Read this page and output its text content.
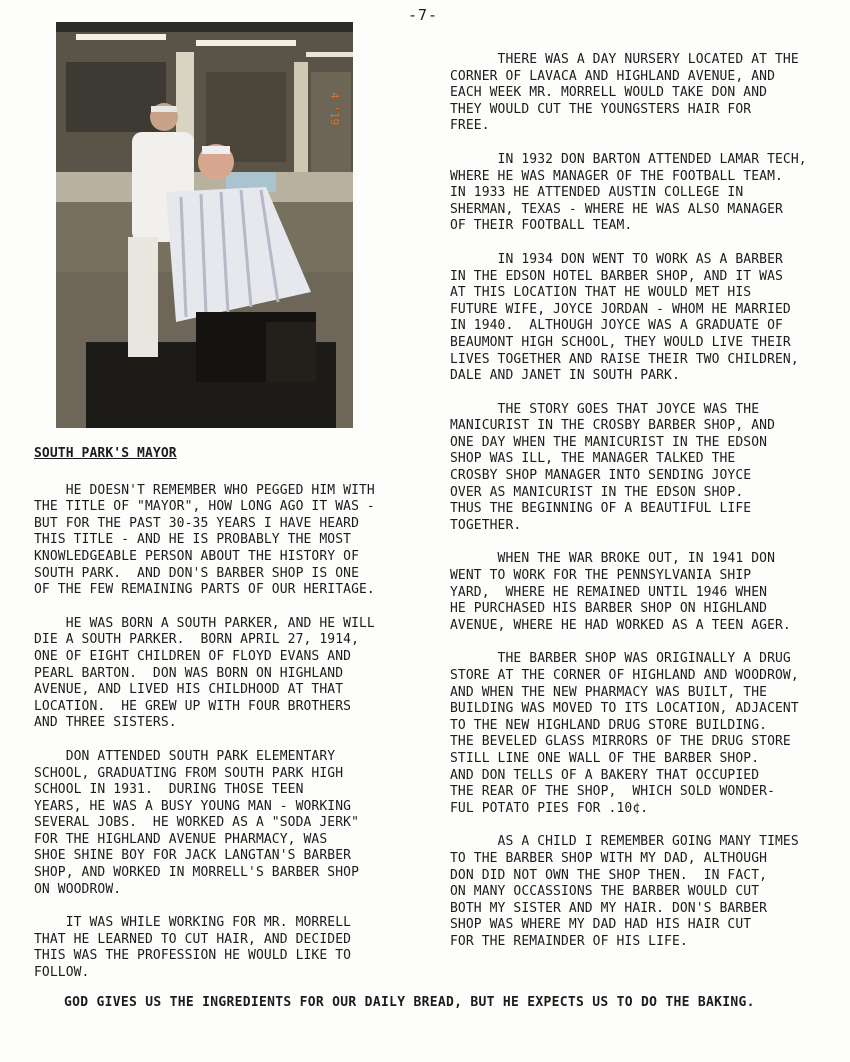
-7-
4 '19

SOUTH PARK'S MAYOR

HE DOESN'T REMEMBER WHO PEGGED HIM WITH

THE TITLE OF "MAYOR", HOW LONG AGO IT WAS -

BUT FOR THE PAST 30-35 YEARS I HAVE HEARD

THIS TITLE - AND HE IS PROBABLY THE MOST

KNOWLEDGEABLE PERSON ABOUT THE HISTORY OF

SOUTH PARK.  AND DON'S BARBER SHOP IS ONE

OF THE FEW REMAINING PARTS OF OUR HERITAGE.

HE WAS BORN A SOUTH PARKER, AND HE WILL

DIE A SOUTH PARKER.  BORN APRIL 27, 1914,

ONE OF EIGHT CHILDREN OF FLOYD EVANS AND

PEARL BARTON.  DON WAS BORN ON HIGHLAND

AVENUE, AND LIVED HIS CHILDHOOD AT THAT

LOCATION.  HE GREW UP WITH FOUR BROTHERS

AND THREE SISTERS.

DON ATTENDED SOUTH PARK ELEMENTARY

SCHOOL, GRADUATING FROM SOUTH PARK HIGH

SCHOOL IN 1931.  DURING THOSE TEEN

YEARS, HE WAS A BUSY YOUNG MAN - WORKING

SEVERAL JOBS.  HE WORKED AS A "SODA JERK"

FOR THE HIGHLAND AVENUE PHARMACY, WAS

SHOE SHINE BOY FOR JACK LANGTAN'S BARBER

SHOP, AND WORKED IN MORRELL'S BARBER SHOP

ON WOODROW.

IT WAS WHILE WORKING FOR MR. MORRELL

THAT HE LEARNED TO CUT HAIR, AND DECIDED

THIS WAS THE PROFESSION HE WOULD LIKE TO

FOLLOW.

THERE WAS A DAY NURSERY LOCATED AT THE

CORNER OF LAVACA AND HIGHLAND AVENUE, AND

EACH WEEK MR. MORRELL WOULD TAKE DON AND

THEY WOULD CUT THE YOUNGSTERS HAIR FOR

FREE.

IN 1932 DON BARTON ATTENDED LAMAR TECH,

WHERE HE WAS MANAGER OF THE FOOTBALL TEAM.

IN 1933 HE ATTENDED AUSTIN COLLEGE IN

SHERMAN, TEXAS - WHERE HE WAS ALSO MANAGER

OF THEIR FOOTBALL TEAM.

IN 1934 DON WENT TO WORK AS A BARBER

IN THE EDSON HOTEL BARBER SHOP, AND IT WAS

AT THIS LOCATION THAT HE WOULD MET HIS

FUTURE WIFE, JOYCE JORDAN - WHOM HE MARRIED

IN 1940.  ALTHOUGH JOYCE WAS A GRADUATE OF

BEAUMONT HIGH SCHOOL, THEY WOULD LIVE THEIR

LIVES TOGETHER AND RAISE THEIR TWO CHILDREN,

DALE AND JANET IN SOUTH PARK.

THE STORY GOES THAT JOYCE WAS THE

MANICURIST IN THE CROSBY BARBER SHOP, AND

ONE DAY WHEN THE MANICURIST IN THE EDSON

SHOP WAS ILL, THE MANAGER TALKED THE

CROSBY SHOP MANAGER INTO SENDING JOYCE

OVER AS MANICURIST IN THE EDSON SHOP.

THUS THE BEGINNING OF A BEAUTIFUL LIFE

TOGETHER.

WHEN THE WAR BROKE OUT, IN 1941 DON

WENT TO WORK FOR THE PENNSYLVANIA SHIP

YARD,  WHERE HE REMAINED UNTIL 1946 WHEN

HE PURCHASED HIS BARBER SHOP ON HIGHLAND

AVENUE, WHERE HE HAD WORKED AS A TEEN AGER.

THE BARBER SHOP WAS ORIGINALLY A DRUG

STORE AT THE CORNER OF HIGHLAND AND WOODROW,

AND WHEN THE NEW PHARMACY WAS BUILT, THE

BUILDING WAS MOVED TO ITS LOCATION, ADJACENT

TO THE NEW HIGHLAND DRUG STORE BUILDING.

THE BEVELED GLASS MIRRORS OF THE DRUG STORE

STILL LINE ONE WALL OF THE BARBER SHOP.

AND DON TELLS OF A BAKERY THAT OCCUPIED

THE REAR OF THE SHOP,  WHICH SOLD WONDER-

FUL POTATO PIES FOR .10¢.

AS A CHILD I REMEMBER GOING MANY TIMES

TO THE BARBER SHOP WITH MY DAD, ALTHOUGH

DON DID NOT OWN THE SHOP THEN.  IN FACT,

ON MANY OCCASSIONS THE BARBER WOULD CUT

BOTH MY SISTER AND MY HAIR. DON'S BARBER

SHOP WAS WHERE MY DAD HAD HIS HAIR CUT

FOR THE REMAINDER OF HIS LIFE.

GOD GIVES US THE INGREDIENTS FOR OUR DAILY BREAD, BUT HE EXPECTS US TO DO THE BAKING.
